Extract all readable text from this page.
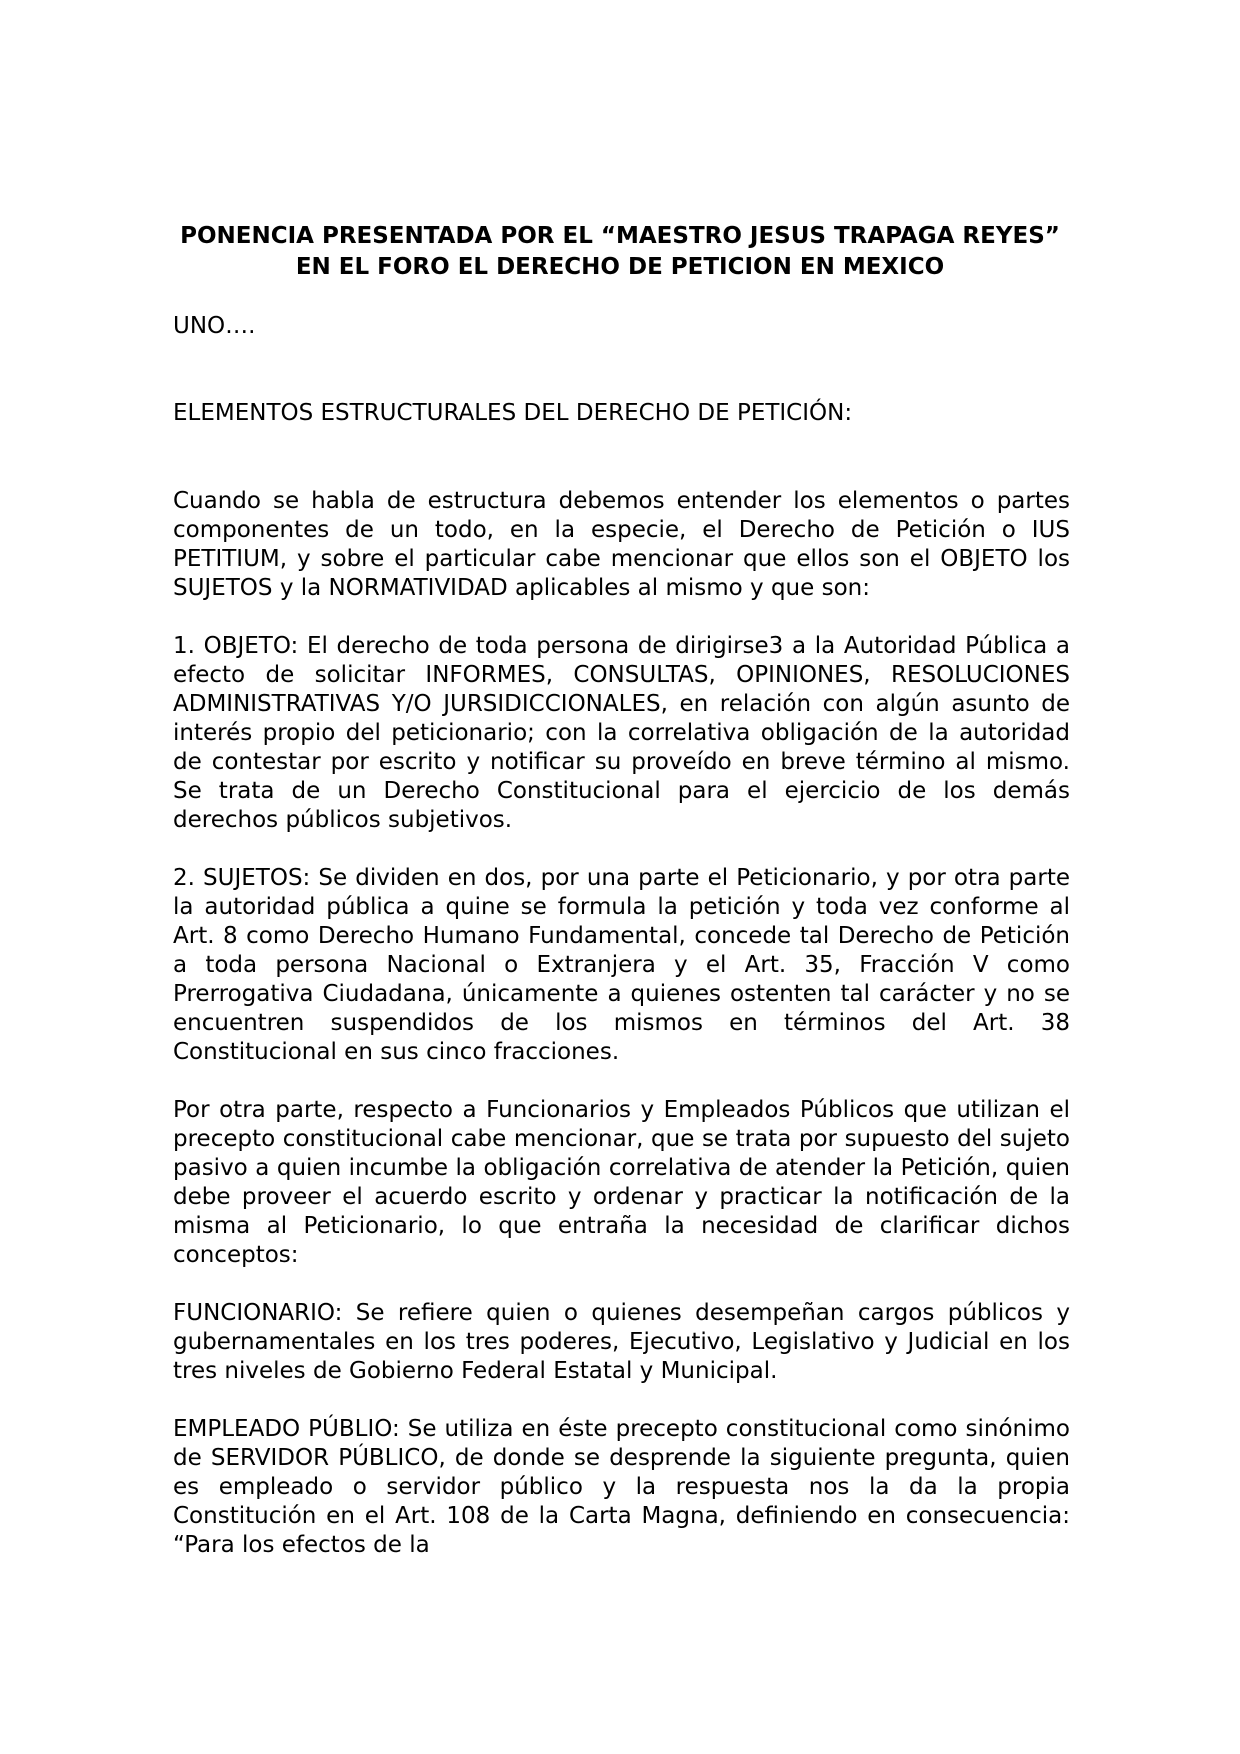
PONENCIA PRESENTADA POR EL “MAESTRO JESUS TRAPAGA REYES”
EN EL FORO EL DERECHO DE PETICION EN MEXICO
UNO….
ELEMENTOS ESTRUCTURALES DEL DERECHO DE PETICIÓN:

Cuando se habla de estructura debemos entender los elementos o partes componentes de un todo, en la especie, el Derecho de Petición o IUS PETITIUM, y sobre el particular cabe mencionar que ellos son el OBJETO los SUJETOS y la NORMATIVIDAD aplicables al mismo y que son:

1. OBJETO: El derecho de toda persona de dirigirse3 a la Autoridad Pública a efecto de solicitar INFORMES, CONSULTAS, OPINIONES, RESOLUCIONES ADMINISTRATIVAS Y/O JURSIDICCIONALES, en relación con algún asunto de interés propio del peticionario; con la correlativa obligación de la autoridad de contestar por escrito y notificar su proveído en breve término al mismo. Se trata de un Derecho Constitucional para el ejercicio de los demás derechos públicos subjetivos.

2. SUJETOS: Se dividen en dos, por una parte el Peticionario, y por otra parte la autoridad pública a quine se formula la petición y toda vez conforme al Art. 8 como Derecho Humano Fundamental, concede tal Derecho de Petición a toda persona Nacional o Extranjera y el Art. 35, Fracción V como Prerrogativa Ciudadana, únicamente a quienes ostenten tal carácter y no se encuentren suspendidos de los mismos en términos del Art. 38 Constitucional en sus cinco fracciones.

Por otra parte, respecto a Funcionarios y Empleados Públicos que utilizan el precepto constitucional cabe mencionar, que se trata por supuesto del sujeto pasivo a quien incumbe la obligación correlativa de atender la Petición, quien debe proveer el acuerdo escrito y ordenar y practicar la notificación de la misma al Peticionario, lo que entraña la necesidad de clarificar dichos conceptos:

FUNCIONARIO: Se refiere quien o quienes desempeñan cargos públicos y gubernamentales en los tres poderes, Ejecutivo, Legislativo y Judicial en los tres niveles de Gobierno Federal Estatal y Municipal.

EMPLEADO PÚBLIO: Se utiliza en éste precepto constitucional como sinónimo de SERVIDOR PÚBLICO, de donde se desprende la siguiente pregunta, quien es empleado o servidor público y la respuesta nos la da la propia Constitución en el Art. 108 de la Carta Magna, definiendo en consecuencia: “Para los efectos de la
